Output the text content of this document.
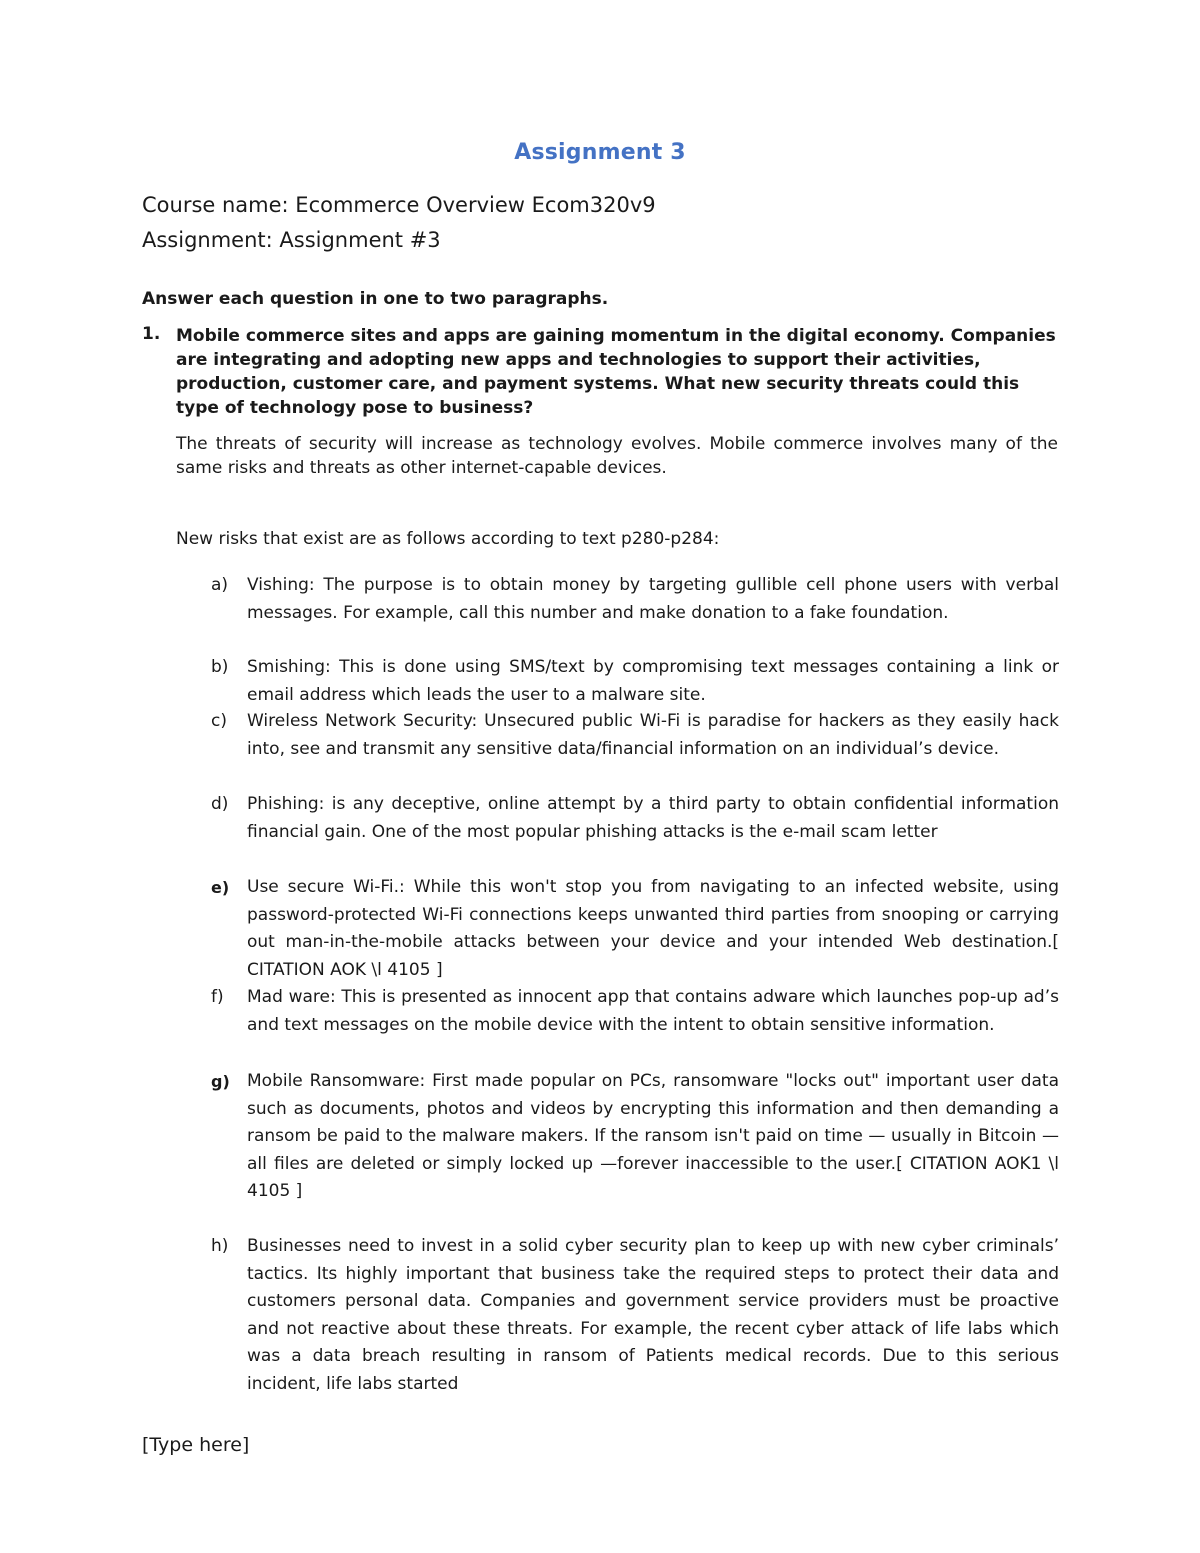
Assignment 3
Course name: Ecommerce Overview Ecom320v9
Assignment: Assignment #3
Answer each question in one to two paragraphs.
1. Mobile commerce sites and apps are gaining momentum in the digital economy. Companies are integrating and adopting new apps and technologies to support their activities, production, customer care, and payment systems. What new security threats could this type of technology pose to business?
The threats of security will increase as technology evolves. Mobile commerce involves many of the same risks and threats as other internet-capable devices.
New risks that exist are as follows according to text p280-p284:
a)	Vishing: The purpose is to obtain money by targeting gullible cell phone users with verbal messages. For example, call this number and make donation to a fake foundation.
b)	Smishing: This is done using SMS/text by compromising text messages containing a link or email address which leads the user to a malware site.
c)	Wireless Network Security: Unsecured public Wi-Fi is paradise for hackers as they easily hack into, see and transmit any sensitive data/financial information on an individual’s device.
d)	Phishing: is any deceptive, online attempt by a third party to obtain confidential information financial gain. One of the most popular phishing attacks is the e-mail scam letter
e)	Use secure Wi-Fi.: While this won't stop you from navigating to an infected website, using password-protected Wi-Fi connections keeps unwanted third parties from snooping or carrying out man-in-the-mobile attacks between your device and your intended Web destination.[ CITATION AOK \l 4105 ]
f)	Mad ware: This is presented as innocent app that contains adware which launches pop-up ad’s and text messages on the mobile device with the intent to obtain sensitive information.
g)	Mobile Ransomware: First made popular on PCs, ransomware "locks out" important user data such as documents, photos and videos by encrypting this information and then demanding a ransom be paid to the malware makers. If the ransom isn't paid on time — usually in Bitcoin — all files are deleted or simply locked up —forever inaccessible to the user.[ CITATION AOK1 \l 4105 ]
h)	Businesses need to invest in a solid cyber security plan to keep up with new cyber criminals’ tactics. Its highly important that business take the required steps to protect their data and customers personal data. Companies and government service providers must be proactive and not reactive about these threats. For example, the recent cyber attack of life labs which was a data breach resulting in ransom of Patients medical records. Due to this serious incident, life labs started
[Type here]
